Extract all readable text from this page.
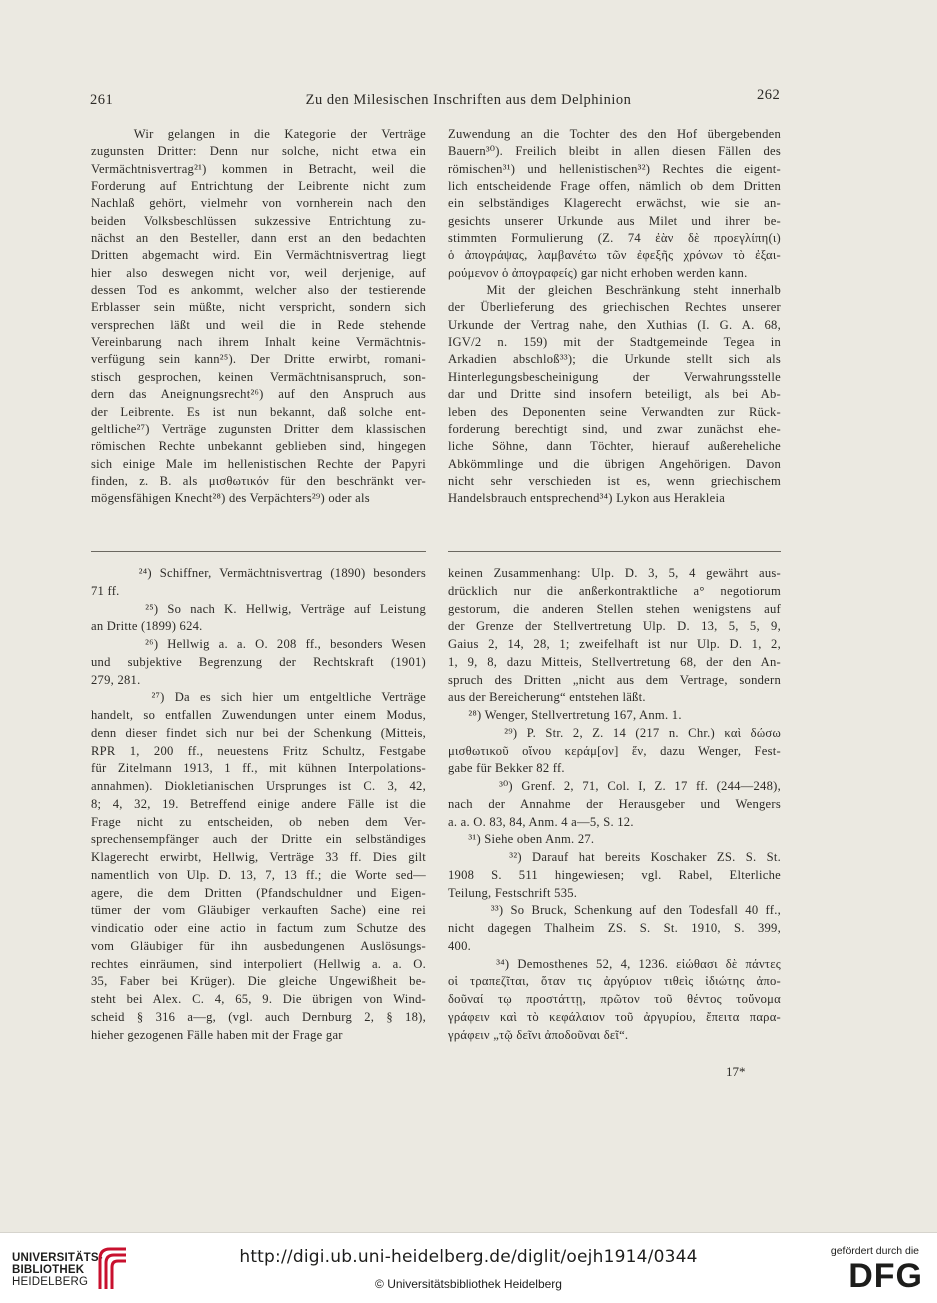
261	Zu den Milesischen Inschriften aus dem Delphinion	262
Wir gelangen in die Kategorie der Verträge
zugunsten Dritter: Denn nur solche, nicht etwa ein
Vermächtnisvertrag²¹) kommen in Betracht, weil die
Forderung auf Entrichtung der Leibrente nicht zum
Nachlaß gehört, vielmehr von vornherein nach den
beiden Volksbeschlüssen sukzessive Entrichtung zu-
nächst an den Besteller, dann erst an den bedachten
Dritten abgemacht wird. Ein Vermächtnisvertrag liegt
hier also deswegen nicht vor, weil derjenige, auf
dessen Tod es ankommt, welcher also der testierende
Erblasser sein müßte, nicht verspricht, sondern sich
versprechen läßt und weil die in Rede stehende
Vereinbarung nach ihrem Inhalt keine Vermächtnis-
verfügung sein kann²⁵). Der Dritte erwirbt, romani-
stisch gesprochen, keinen Vermächtnisanspruch, son-
dern das Aneignungsrecht²⁶) auf den Anspruch aus
der Leibrente. Es ist nun bekannt, daß solche ent-
geltliche²⁷) Verträge zugunsten Dritter dem klassischen
römischen Rechte unbekannt geblieben sind, hingegen
sich einige Male im hellenistischen Rechte der Papyri
finden, z. B. als μισθωτικόν für den beschränkt ver-
mögensfähigen Knecht²⁸) des Verpächters²⁹) oder als
Zuwendung an die Tochter des den Hof übergebenden
Bauern³⁰). Freilich bleibt in allen diesen Fällen des
römischen³¹) und hellenistischen³²) Rechtes die eigent-
lich entscheidende Frage offen, nämlich ob dem Dritten
ein selbständiges Klagerecht erwächst, wie sie an-
gesichts unserer Urkunde aus Milet und ihrer be-
stimmten Formulierung (Z. 74 ἐὰν δὲ προεγλίπη(ι)
ὁ ἀπογράψας, λαμβανέτω τῶν ἐφεξῆς χρόνων τὸ ἐξαι-
ρούμενον ὁ ἀπογραφείς) gar nicht erhoben werden kann.
Mit der gleichen Beschränkung steht innerhalb
der Überlieferung des griechischen Rechtes unserer
Urkunde der Vertrag nahe, den Xuthias (I. G. A. 68,
IGV/2 n. 159) mit der Stadtgemeinde Tegea in
Arkadien abschloß³³); die Urkunde stellt sich als
Hinterlegungsbescheinigung der Verwahrungsstelle
dar und Dritte sind insofern beteiligt, als bei Ab-
leben des Deponenten seine Verwandten zur Rück-
forderung berechtigt sind, und zwar zunächst ehe-
liche Söhne, dann Töchter, hierauf außereheliche
Abkömmlinge und die übrigen Angehörigen. Davon
nicht sehr verschieden ist es, wenn griechischem
Handelsbrauch entsprechend³⁴) Lykon aus Herakleia
²⁴) Schiffner, Vermächtnisvertrag (1890) besonders
71 ff.
²⁵) So nach K. Hellwig, Verträge auf Leistung
an Dritte (1899) 624.
²⁶) Hellwig a. a. O. 208 ff., besonders Wesen
und subjektive Begrenzung der Rechtskraft (1901)
279, 281.
²⁷) Da es sich hier um entgeltliche Verträge
handelt, so entfallen Zuwendungen unter einem Modus,
denn dieser findet sich nur bei der Schenkung (Mitteis,
RPR 1, 200 ff., neuestens Fritz Schultz, Festgabe
für Zitelmann 1913, 1 ff., mit kühnen Interpolations-
annahmen). Diokletianischen Ursprunges ist C. 3, 42,
8; 4, 32, 19. Betreffend einige andere Fälle ist die
Frage nicht zu entscheiden, ob neben dem Ver-
sprechensempfänger auch der Dritte ein selbständiges
Klagerecht erwirbt, Hellwig, Verträge 33 ff. Dies gilt
namentlich von Ulp. D. 13, 7, 13 ff.; die Worte sed—
agere, die dem Dritten (Pfandschuldner und Eigen-
tümer der vom Gläubiger verkauften Sache) eine rei
vindicatio oder eine actio in factum zum Schutze des
vom Gläubiger für ihn ausbedungenen Auslösungs-
rechtes einräumen, sind interpoliert (Hellwig a. a. O.
35, Faber bei Krüger). Die gleiche Ungewißheit be-
steht bei Alex. C. 4, 65, 9. Die übrigen von Wind-
scheid § 316 a—g, (vgl. auch Dernburg 2, § 18),
hieher gezogenen Fälle haben mit der Frage gar
keinen Zusammenhang: Ulp. D. 3, 5, 4 gewährt aus-
drücklich nur die anßerkontraktliche a° negotiorum
gestorum, die anderen Stellen stehen wenigstens auf
der Grenze der Stellvertretung Ulp. D. 13, 5, 5, 9,
Gaius 2, 14, 28, 1; zweifelhaft ist nur Ulp. D. 1, 2,
1, 9, 8, dazu Mitteis, Stellvertretung 68, der den An-
spruch des Dritten „nicht aus dem Vertrage, sondern
aus der Bereicherung“ entstehen läßt.
²⁸) Wenger, Stellvertretung 167, Anm. 1.
²⁹) P. Str. 2, Z. 14 (217 n. Chr.) καὶ δώσω
μισθωτικοῦ οἴνου κεράμ[ον] ἕν, dazu Wenger, Fest-
gabe für Bekker 82 ff.
³⁰) Grenf. 2, 71, Col. I, Z. 17 ff. (244—248),
nach der Annahme der Herausgeber und Wengers
a. a. O. 83, 84, Anm. 4 a—5, S. 12.
³¹) Siehe oben Anm. 27.
³²) Darauf hat bereits Koschaker ZS. S. St.
1908 S. 511 hingewiesen; vgl. Rabel, Elterliche
Teilung, Festschrift 535.
³³) So Bruck, Schenkung auf den Todesfall 40 ff.,
nicht dagegen Thalheim ZS. S. St. 1910, S. 399,
400.
³⁴) Demosthenes 52, 4, 1236. εἰώθασι δὲ πάντες
οἱ τραπεζῖται, ὅταν τις ἀργύριον τιθεὶς ἰδιώτης ἀπο-
δοῦναί τῳ προστάττῃ, πρῶτον τοῦ θέντος τοὔνομα
γράφειν καὶ τὸ κεφάλαιον τοῦ ἀργυρίου, ἔπειτα παρα-
γράφειν „τῷ δεῖνι ἀποδοῦναι δεῖ“.
17*
UNIVERSITÄTS-
BIBLIOTHEK
HEIDELBERG
http://digi.ub.uni-heidelberg.de/diglit/oejh1914/0344
© Universitätsbibliothek Heidelberg
gefördert durch die
DFG
